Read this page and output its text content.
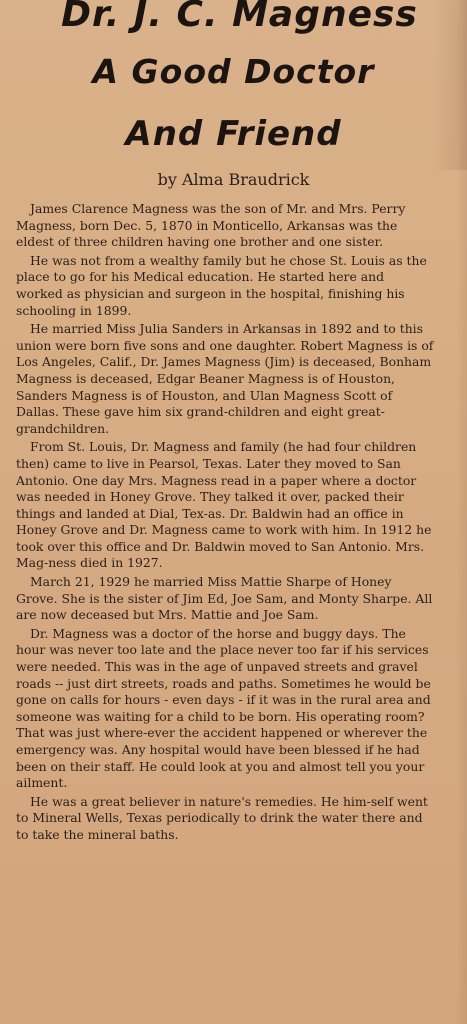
Dr. J. C. Magness
A Good Doctor
And Friend

by Alma Braudrick

James Clarence Magness was the son of Mr. and Mrs. Perry Magness, born Dec. 5, 1870 in Monticello, Arkansas was the eldest of three children having one brother and one sister.

He was not from a wealthy family but he chose St. Louis as the place to go for his Medical education. He started here and worked as physician and surgeon in the hospital, finishing his schooling in 1899.

He married Miss Julia Sanders in Arkansas in 1892 and to this union were born five sons and one daughter. Robert Magness is of Los Angeles, Calif., Dr. James Magness (Jim) is deceased, Bonham Magness is deceased, Edgar Beaner Magness is of Houston, Sanders Magness is of Houston, and Ulan Magness Scott of Dallas. These gave him six grand-children and eight great-grandchildren.

From St. Louis, Dr. Magness and family (he had four children then) came to live in Pearsol, Texas. Later they moved to San Antonio. One day Mrs. Magness read in a paper where a doctor was needed in Honey Grove. They talked it over, packed their things and landed at Dial, Tex-as. Dr. Baldwin had an office in Honey Grove and Dr. Magness came to work with him. In 1912 he took over this office and Dr. Baldwin moved to San Antonio. Mrs. Mag-ness died in 1927.

March 21, 1929 he married Miss Mattie Sharpe of Honey Grove. She is the sister of Jim Ed, Joe Sam, and Monty Sharpe. All are now deceased but Mrs. Mattie and Joe Sam.

Dr. Magness was a doctor of the horse and buggy days. The hour was never too late and the place never too far if his services were needed. This was in the age of unpaved streets and gravel roads -- just dirt streets, roads and paths. Sometimes he would be gone on calls for hours - even days - if it was in the rural area and someone was waiting for a child to be born. His operating room? That was just where-ever the accident happened or wherever the emergency was. Any hospital would have been blessed if he had been on their staff. He could look at you and almost tell you your ailment.

He was a great believer in nature's remedies. He him-self went to Mineral Wells, Texas periodically to drink the water there and to take the mineral baths.
